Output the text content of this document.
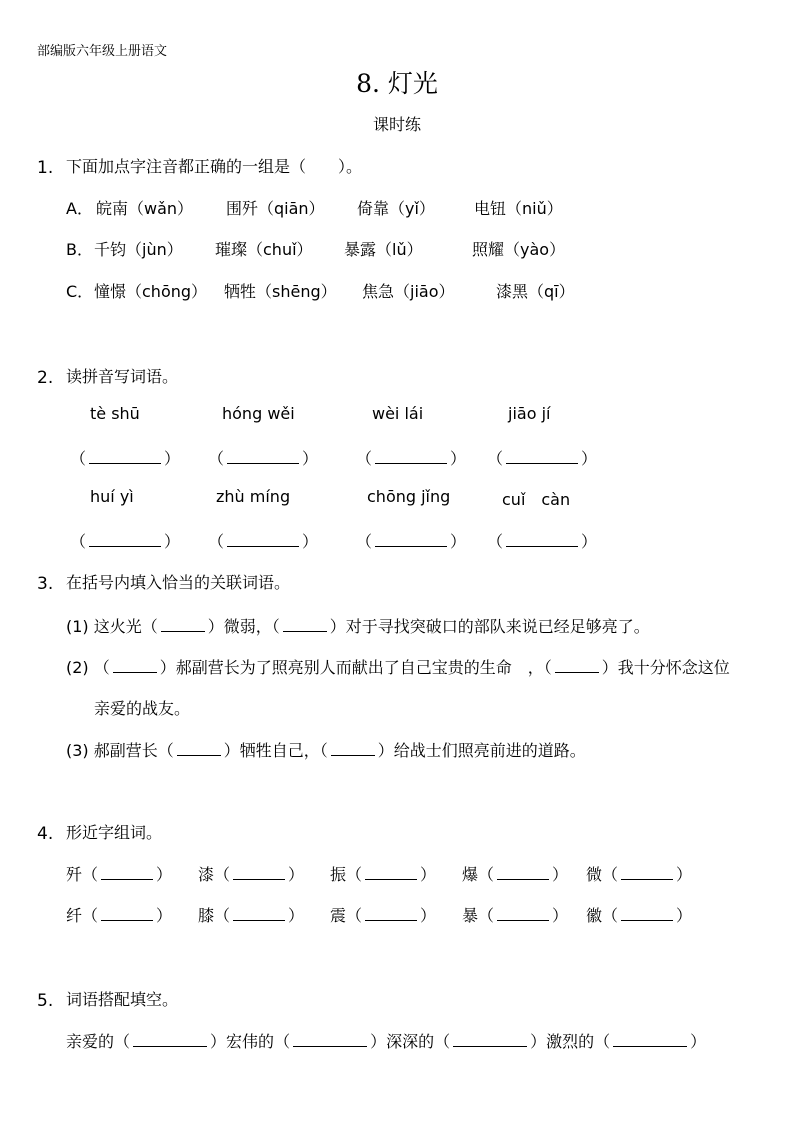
部编版六年级上册语文
8. 灯光
课时练
1. 下面加点字注音都正确的一组是（　　）。
A． 皖南（wǎn） 围歼（qiān） 倚靠（yǐ） 电钮（niǔ）
B． 千钧（jùn） 璀璨（chuǐ） 暴露（lǔ）	照耀（yào）
C． 憧憬（chōng） 牺牲（shēng） 焦急（jiāo）	漆黑（qī）
2. 读拼音写词语。
tè shū	hóng wěi	wèi lái	jiāo jí
（	） （	） （	） （	）
huí yì	zhù míng	chōng jǐng	cuǐ　càn
（	） （	） （	） （	）
3. 在括号内填入恰当的关联词语。
(1) 这火光（	）微弱，（	）对于寻找突破口的部队来说已经足够亮了。
(2) （	）郝副营长为了照亮别人而献出了自己宝贵的生命　，（	）我十分怀念这位
亲爱的战友。
(3) 郝副营长（	）牺牲自己，（	）给战士们照亮前进的道路。
4. 形近字组词。
歼（	） 漆（	） 振（	） 爆（	） 微（	）
纤（	） 膝（	） 震（	） 暴（	） 徽（	）
5. 词语搭配填空。
亲爱的（	）宏伟的（	）深深的（	）激烈的（	）
